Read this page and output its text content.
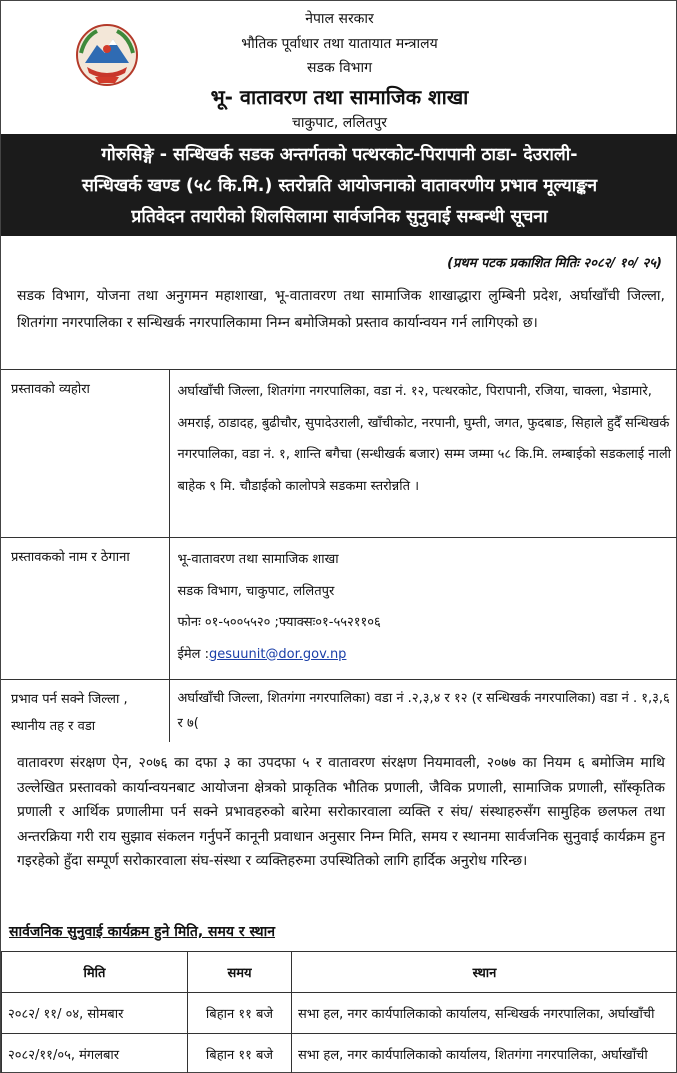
नेपाल सरकार
भौतिक पूर्वाधार तथा यातायात मन्त्रालय
सडक विभाग
भू- वातावरण तथा सामाजिक शाखा
चाकुपाट, ललितपुर
गोरुसिङ्गे - सन्धिखर्क सडक अन्तर्गतको पत्थरकोट-पिरापानी ठाडा- देउराली-
सन्धिखर्क खण्ड (५८ कि.मि.) स्तरोन्नति आयोजनाको वातावरणीय प्रभाव मूल्याङ्कन
प्रतिवेदन तयारीको शिलसिलामा सार्वजनिक सुनुवाई सम्बन्धी सूचना
(प्रथम पटक प्रकाशित मितिः २०८२/ १०/ २५)
सडक विभाग, योजना तथा अनुगमन महाशाखा, भू-वातावरण तथा सामाजिक शाखाद्धारा लुम्बिनी प्रदेश, अर्घाखाँची जिल्ला, शितगंगा नगरपालिका र सन्धिखर्क नगरपालिकामा निम्न बमोजिमको प्रस्ताव कार्यान्वयन गर्न लागिएको छ।
प्रस्तावको व्यहोरा	अर्घाखाँची जिल्ला, शितगंगा नगरपालिका, वडा नं. १२, पत्थरकोट, पिरापानी, रजिया, चाक्ला, भेडामारे, अमराई, ठाडादह, बुढीचौर, सुपादेउराली, खाँचीकोट, नरपानी, घुम्ती, जगत, फुदबाङ, सिहाले हुदैँ सन्धिखर्क नगरपालिका, वडा नं. १, शान्ति बगैचा (सन्धीखर्क बजार) सम्म जम्मा ५८ कि.मि. लम्बाईको सडकलाई नाली बाहेक ९ मि. चौडाईको कालोपत्रे सडकमा स्तरोन्नति ।
प्रस्तावकको नाम र ठेगाना	भू-वातावरण तथा सामाजिक शाखा
सडक विभाग, चाकुपाट, ललितपुर
फोनः ०१-५००५५२० ;फ्याक्सः०१-५५२११०६
ईमेल :gesuunit@dor.gov.np

प्रभाव पर्न सक्ने जिल्ला ,
स्थानीय तह र वडा	अर्घाखाँची जिल्ला, शितगंगा नगरपालिका) वडा नं .२,३,४ र १२ (र सन्धिखर्क नगरपालिका) वडा नं . १,३,६ र ७(
वातावरण संरक्षण ऐन, २०७६ का दफा ३ का उपदफा ५ र वातावरण संरक्षण नियमावली, २०७७ का नियम ६ बमोजिम माथि उल्लेखित प्रस्तावको कार्यान्वयनबाट आयोजना क्षेत्रको प्राकृतिक भौतिक प्रणाली, जैविक प्रणाली, सामाजिक प्रणाली, साँस्कृतिक प्रणाली र आर्थिक प्रणालीमा पर्न सक्ने प्रभावहरुको बारेमा सरोकारवाला व्यक्ति र संघ/ संस्थाहरुसँग सामुहिक छलफल तथा अन्तरक्रिया गरी राय सुझाव संकलन गर्नुपर्ने कानूनी प्रवाधान अनुसार निम्न मिति, समय र स्थानमा सार्वजनिक सुनुवाई कार्यक्रम हुन गइरहेको हुँदा सम्पूर्ण सरोकारवाला संघ-संस्था र व्यक्तिहरुमा उपस्थितिको लागि हार्दिक अनुरोध गरिन्छ।
सार्वजनिक सुनुवाई कार्यक्रम हुने मिति, समय र स्थान
मिति	समय	स्थान
२०८२/ ११/ ०४, सोमबार	बिहान ११ बजे	सभा हल, नगर कार्यपालिकाको कार्यालय, सन्धिखर्क नगरपालिका, अर्घाखाँची
२०८२/११/०५, मंगलबार	बिहान ११ बजे	सभा हल, नगर कार्यपालिकाको कार्यालय, शितगंगा नगरपालिका, अर्घाखाँची
